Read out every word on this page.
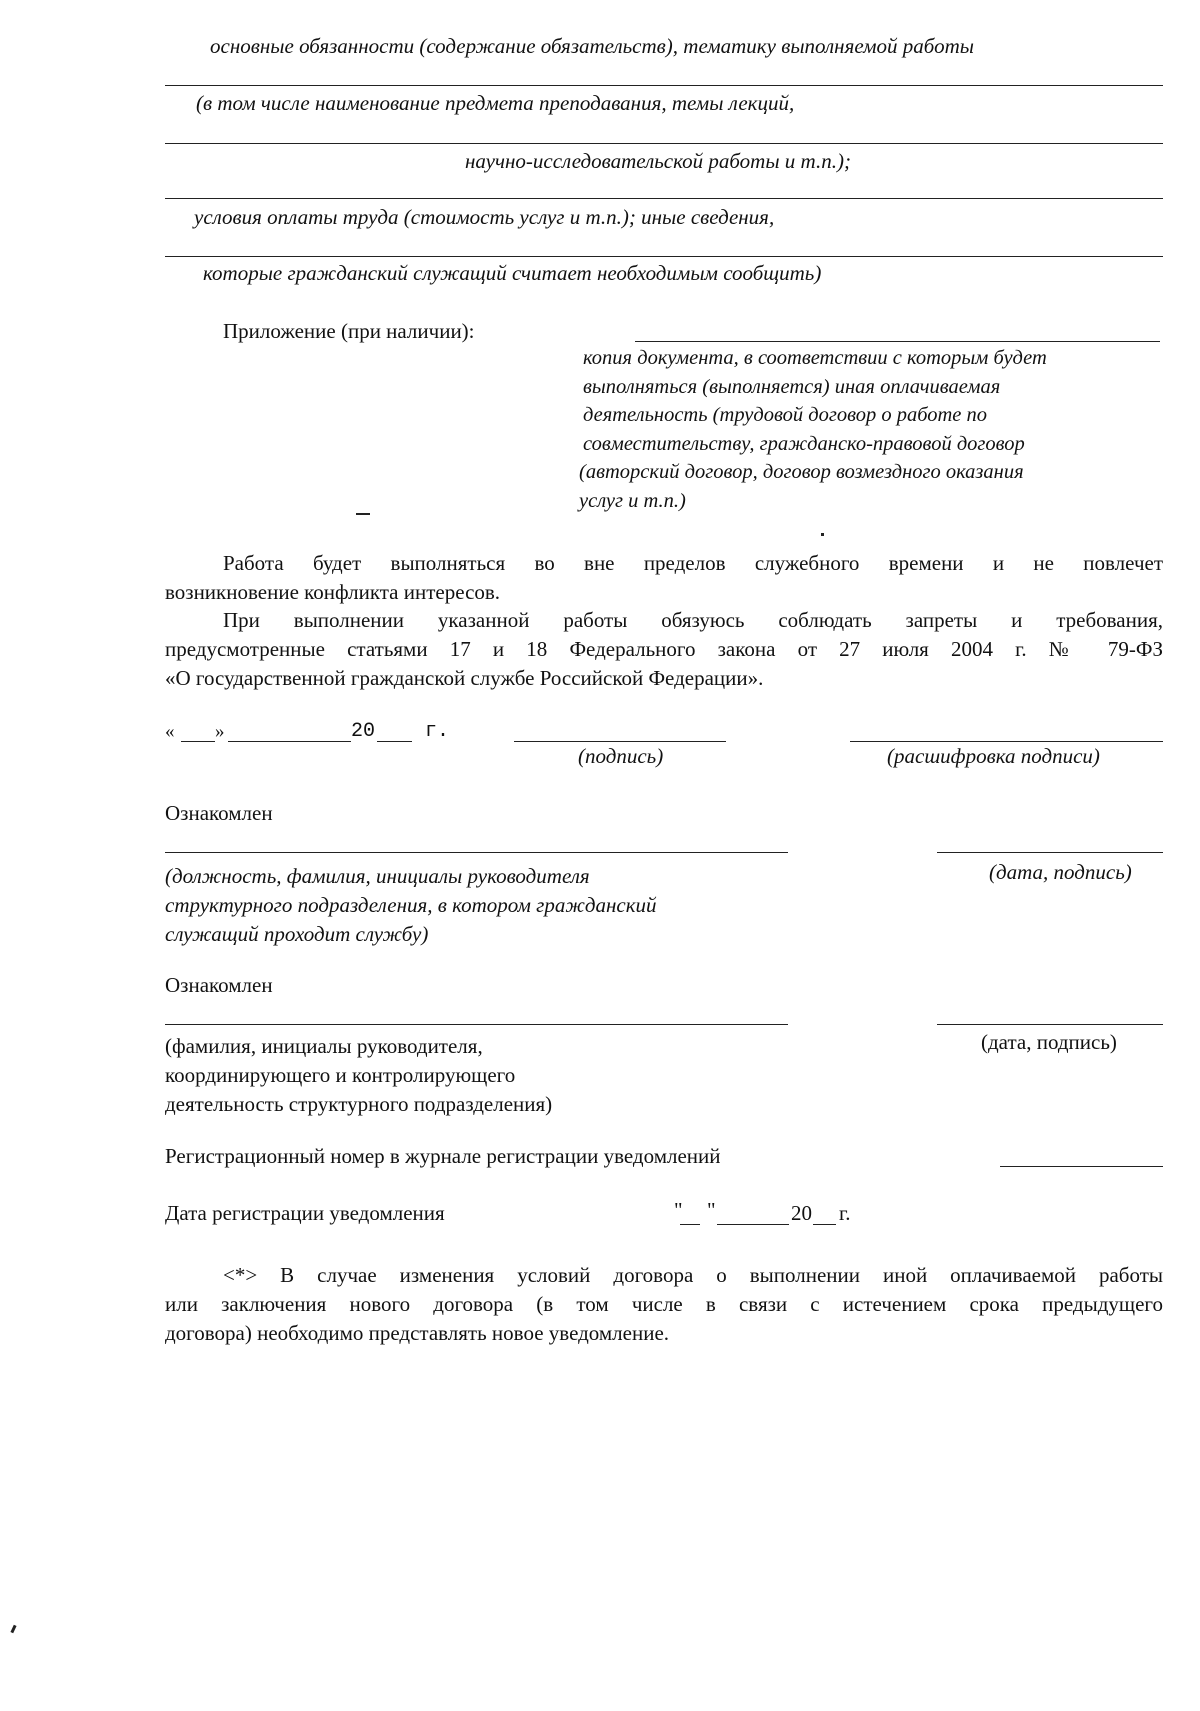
основные обязанности (содержание обязательств), тематику выполняемой работы
(в том числе наименование предмета преподавания, темы лекций,
научно-исследовательской работы и т.п.);
условия оплаты труда (стоимость услуг и т.п.); иные сведения,
которые гражданский служащий считает необходимым сообщить)
Приложение (при наличии):
копия документа, в соответствии с которым будет
выполняться (выполняется) иная оплачиваемая
деятельность (трудовой договор о работе по
совместительству, гражданско-правовой договор
(авторский договор, договор возмездного оказания
услуг и т.п.)
Работа будет выполняться во вне пределов служебного времени и не повлечет
возникновение конфликта интересов.
При выполнении указанной работы обязуюсь соблюдать запреты и требования,
предусмотренные статьями 17 и 18 Федерального закона от 27 июля 2004 г. № 79-ФЗ
«О государственной гражданской службе Российской Федерации».
« »	20 г.
(подпись)	(расшифровка подписи)
Ознакомлен
(должность, фамилия, инициалы руководителя
структурного подразделения, в котором гражданский
служащий проходит службу)
(дата, подпись)
Ознакомлен
(фамилия, инициалы руководителя,
координирующего и контролирующего
деятельность структурного подразделения)
(дата, подпись)
Регистрационный номер в журнале регистрации уведомлений
Дата регистрации уведомления	" "	20 г.
<*> В случае изменения условий договора о выполнении иной оплачиваемой работы
или заключения нового договора (в том числе в связи с истечением срока предыдущего
договора) необходимо представлять новое уведомление.
